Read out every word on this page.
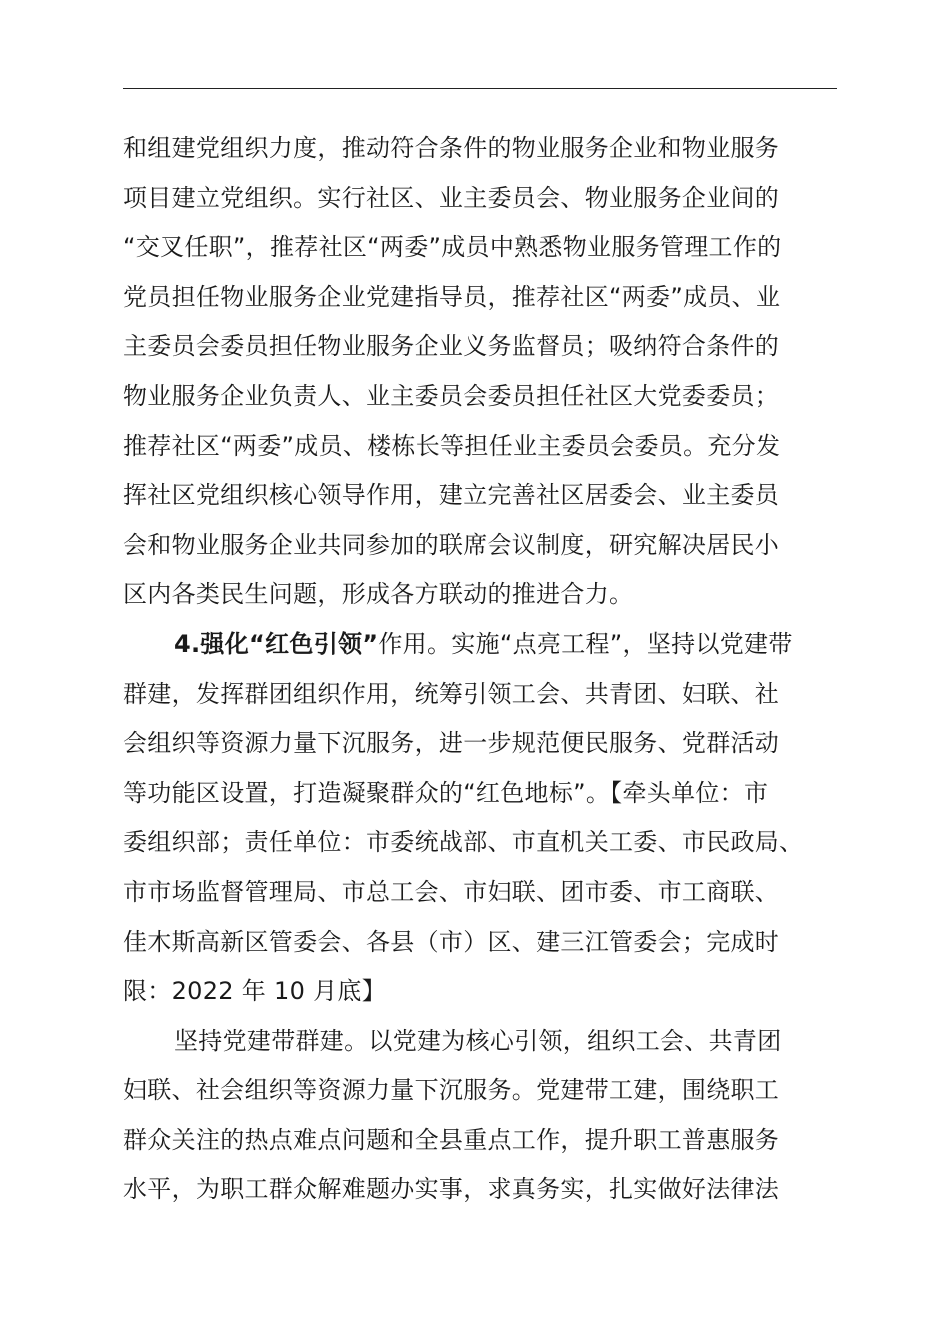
和组建党组织力度，推动符合条件的物业服务企业和物业服务
项目建立党组织。实行社区、业主委员会、物业服务企业间的
“交叉任职”，推荐社区“两委”成员中熟悉物业服务管理工作的
党员担任物业服务企业党建指导员，推荐社区“两委”成员、业
主委员会委员担任物业服务企业义务监督员；吸纳符合条件的
物业服务企业负责人、业主委员会委员担任社区大党委委员；
推荐社区“两委”成员、楼栋长等担任业主委员会委员。充分发
挥社区党组织核心领导作用，建立完善社区居委会、业主委员
会和物业服务企业共同参加的联席会议制度，研究解决居民小
区内各类民生问题，形成各方联动的推进合力。
4.强化“红色引领”作用。实施“点亮工程”，坚持以党建带
群建，发挥群团组织作用，统筹引领工会、共青团、妇联、社
会组织等资源力量下沉服务，进一步规范便民服务、党群活动
等功能区设置，打造凝聚群众的“红色地标”。【牵头单位：市
委组织部；责任单位：市委统战部、市直机关工委、市民政局、
市市场监督管理局、市总工会、市妇联、团市委、市工商联、
佳木斯高新区管委会、各县（市）区、建三江管委会；完成时
限：2022 年 10 月底】
坚持党建带群建。以党建为核心引领，组织工会、共青团
妇联、社会组织等资源力量下沉服务。党建带工建，围绕职工
群众关注的热点难点问题和全县重点工作，提升职工普惠服务
水平，为职工群众解难题办实事，求真务实，扎实做好法律法
